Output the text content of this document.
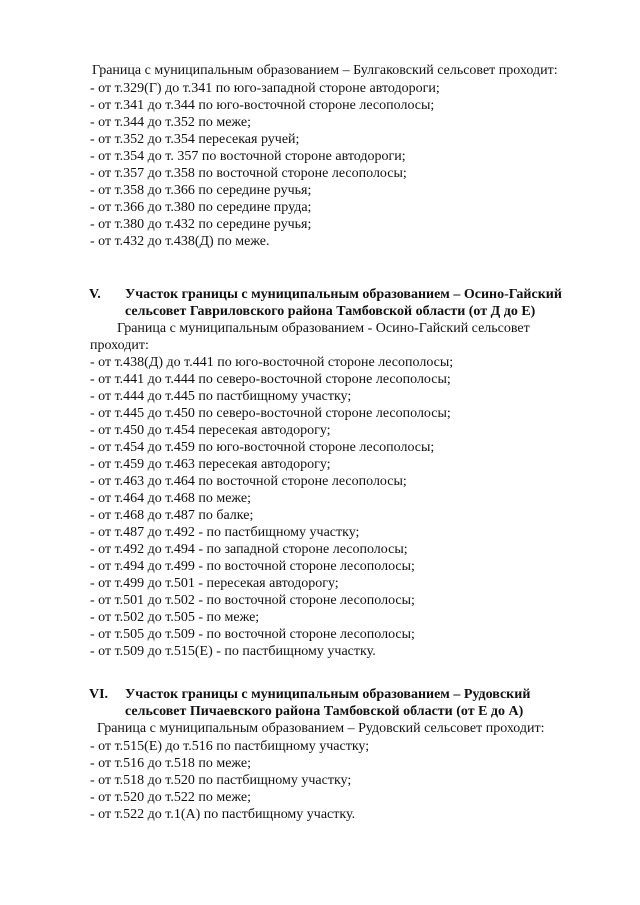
Граница с муниципальным образованием – Булгаковский сельсовет проходит:
- от т.329(Г) до т.341 по юго-западной стороне автодороги;
- от т.341 до т.344 по юго-восточной стороне лесополосы;
- от т.344 до т.352 по меже;
- от т.352 до т.354 пересекая ручей;
- от т.354 до т. 357 по восточной стороне автодороги;
- от т.357 до т.358 по восточной стороне лесополосы;
- от т.358 до т.366 по середине ручья;
- от т.366 до т.380 по середине пруда;
- от т.380 до т.432 по середине ручья;
- от т.432 до т.438(Д) по меже.
V. Участок границы с муниципальным образованием – Осино-Гайский
сельсовет Гавриловского района Тамбовской области (от Д до Е)
Граница с муниципальным образованием - Осино-Гайский сельсовет
проходит:
- от т.438(Д) до т.441 по юго-восточной стороне лесополосы;
- от т.441 до т.444 по северо-восточной стороне лесополосы;
- от т.444 до т.445 по пастбищному участку;
- от т.445 до т.450 по северо-восточной стороне лесополосы;
- от т.450 до т.454 пересекая автодорогу;
- от т.454 до т.459 по юго-восточной стороне лесополосы;
- от т.459 до т.463 пересекая автодорогу;
- от т.463 до т.464 по восточной стороне лесополосы;
- от т.464 до т.468 по меже;
- от т.468 до т.487 по балке;
- от т.487 до т.492 - по пастбищному участку;
- от т.492 до т.494 - по западной стороне лесополосы;
- от т.494 до т.499 - по восточной стороне лесополосы;
- от т.499 до т.501 - пересекая автодорогу;
- от т.501 до т.502 - по восточной стороне лесополосы;
- от т.502 до т.505 - по меже;
- от т.505 до т.509 - по восточной стороне лесополосы;
- от т.509 до т.515(Е) - по пастбищному участку.
VI. Участок границы с муниципальным образованием – Рудовский
сельсовет Пичаевского района Тамбовской области (от Е до А)
Граница с муниципальным образованием – Рудовский сельсовет проходит:
- от т.515(Е) до т.516 по пастбищному участку;
- от т.516 до т.518 по меже;
- от т.518 до т.520 по пастбищному участку;
- от т.520 до т.522 по меже;
- от т.522 до т.1(А) по пастбищному участку.
